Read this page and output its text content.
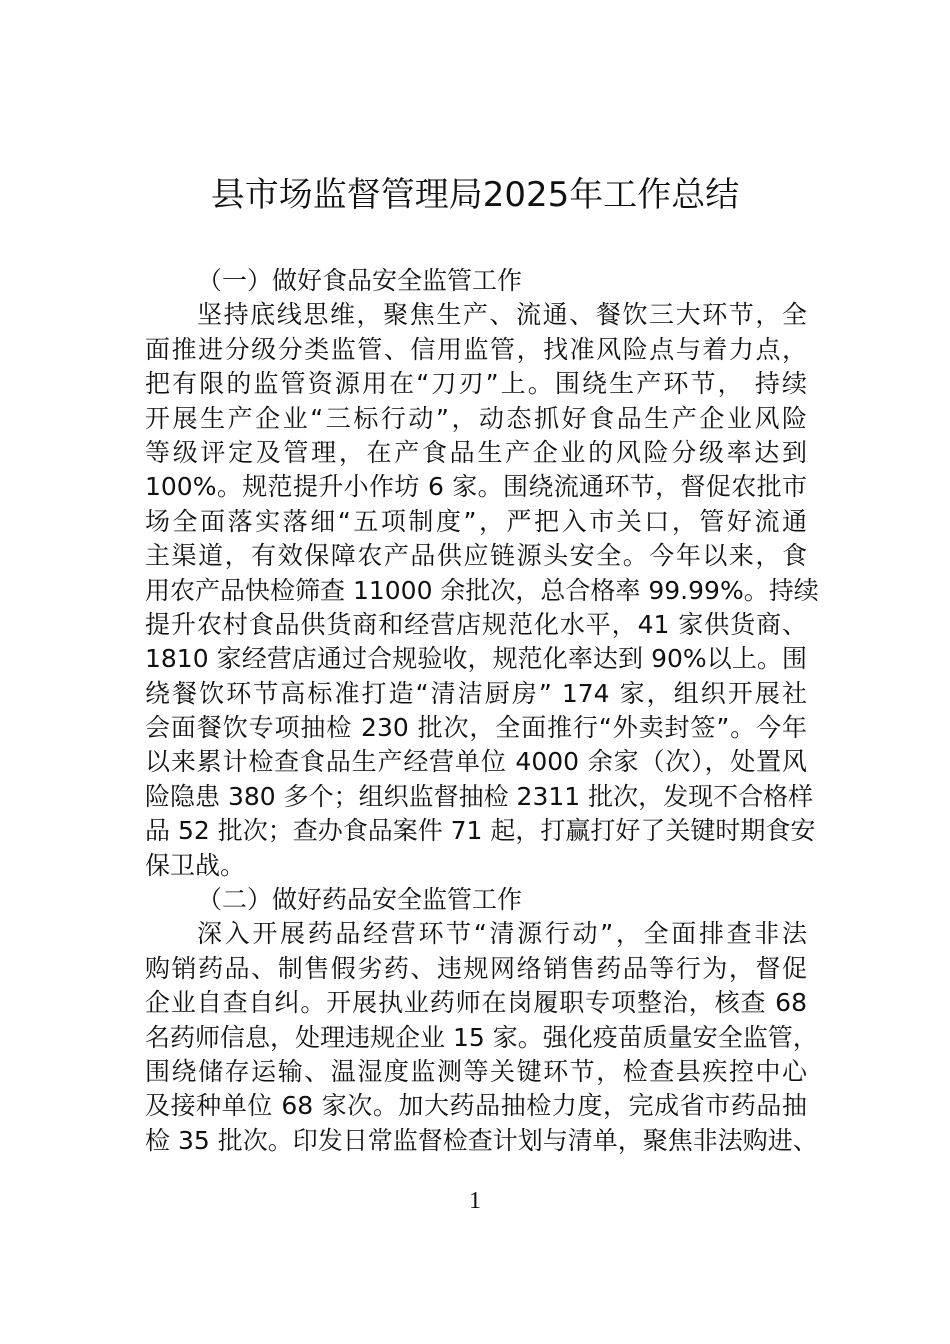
县市场监督管理局2025年工作总结
（一）做好食品安全监管工作
坚持底线思维，聚焦生产、流通、餐饮三大环节，全
面推进分级分类监管、信用监管，找准风险点与着力点，
把有限的监管资源用在“刀刃”上。围绕生产环节， 持续
开展生产企业“三标行动”，动态抓好食品生产企业风险
等级评定及管理，在产食品生产企业的风险分级率达到
100%。规范提升小作坊 6 家。围绕流通环节，督促农批市
场全面落实落细“五项制度”，严把入市关口，管好流通
主渠道，有效保障农产品供应链源头安全。今年以来，食
用农产品快检筛查 11000 余批次，总合格率 99.99%。持续
提升农村食品供货商和经营店规范化水平，41 家供货商、
1810 家经营店通过合规验收，规范化率达到 90%以上。围
绕餐饮环节高标准打造“清洁厨房” 174 家，组织开展社
会面餐饮专项抽检 230 批次，全面推行“外卖封签”。今年
以来累计检查食品生产经营单位 4000 余家（次），处置风
险隐患 380 多个；组织监督抽检 2311 批次，发现不合格样
品 52 批次；查办食品案件 71 起，打赢打好了关键时期食安
保卫战。
（二）做好药品安全监管工作
深入开展药品经营环节“清源行动”，全面排查非法
购销药品、制售假劣药、违规网络销售药品等行为，督促
企业自查自纠。开展执业药师在岗履职专项整治，核查 68
名药师信息，处理违规企业 15 家。强化疫苗质量安全监管，
围绕储存运输、温湿度监测等关键环节，检查县疾控中心
及接种单位 68 家次。加大药品抽检力度，完成省市药品抽
检 35 批次。印发日常监督检查计划与清单，聚焦非法购进、
1
